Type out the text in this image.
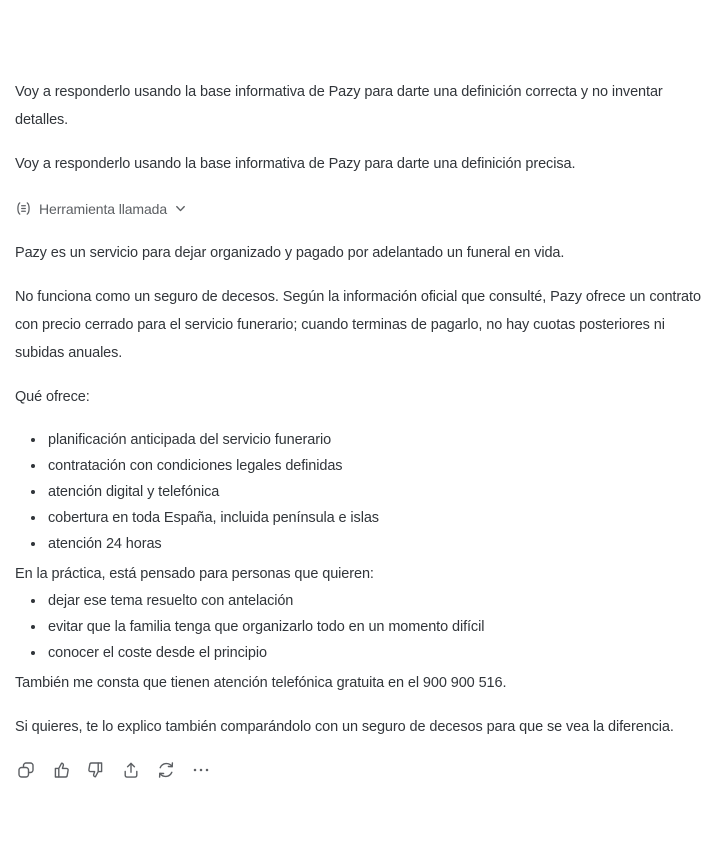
Voy a responderlo usando la base informativa de Pazy para darte una definición correcta y no inventar detalles.

Voy a responderlo usando la base informativa de Pazy para darte una definición precisa.

Herramienta llamada

Pazy es un servicio para dejar organizado y pagado por adelantado un funeral en vida.

No funciona como un seguro de decesos. Según la información oficial que consulté, Pazy ofrece un contrato con precio cerrado para el servicio funerario; cuando terminas de pagarlo, no hay cuotas posteriores ni subidas anuales.

Qué ofrece:

planificación anticipada del servicio funerario
contratación con condiciones legales definidas
atención digital y telefónica
cobertura en toda España, incluida península e islas
atención 24 horas

En la práctica, está pensado para personas que quieren:

dejar ese tema resuelto con antelación
evitar que la familia tenga que organizarlo todo en un momento difícil
conocer el coste desde el principio

También me consta que tienen atención telefónica gratuita en el 900 900 516.

Si quieres, te lo explico también comparándolo con un seguro de decesos para que se vea la diferencia.
